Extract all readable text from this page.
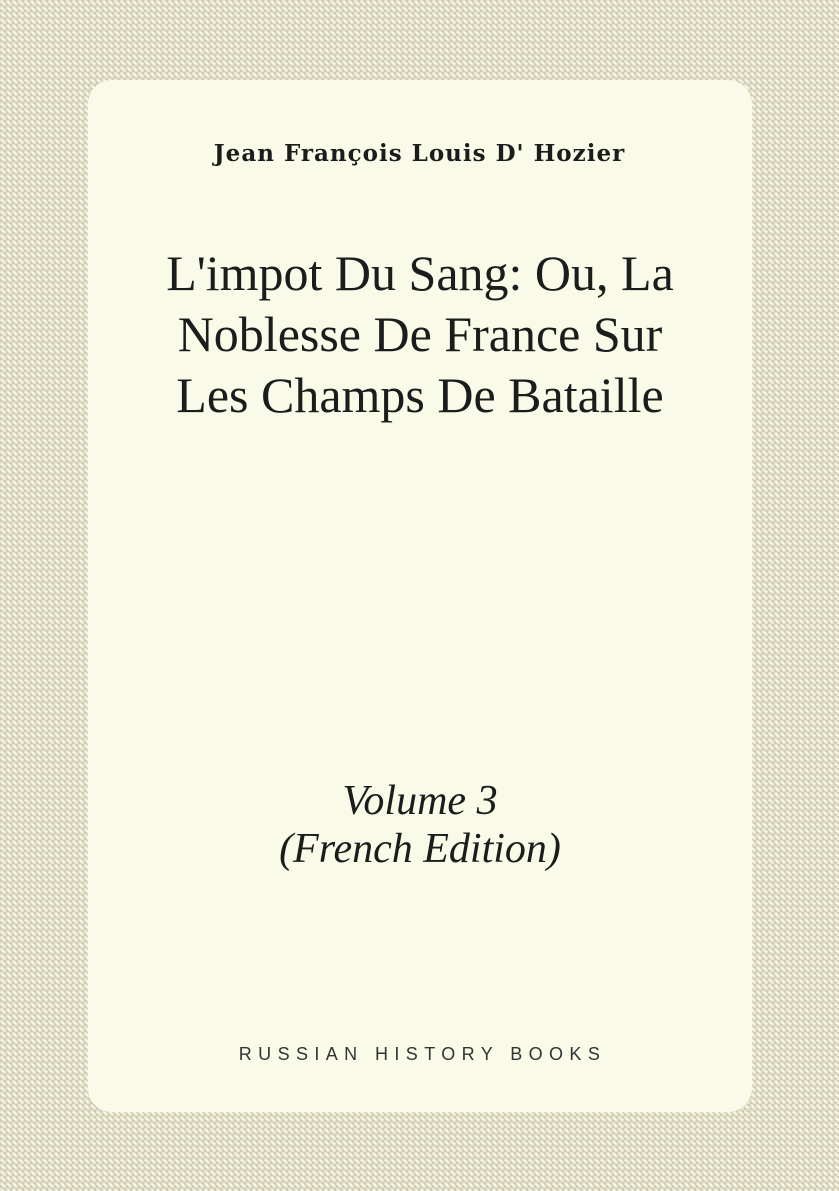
Jean François Louis D' Hozier

L'impot Du Sang: Ou, La Noblesse De France Sur Les Champs De Bataille
Volume 3
(French Edition)

RUSSIAN HISTORY BOOKS
